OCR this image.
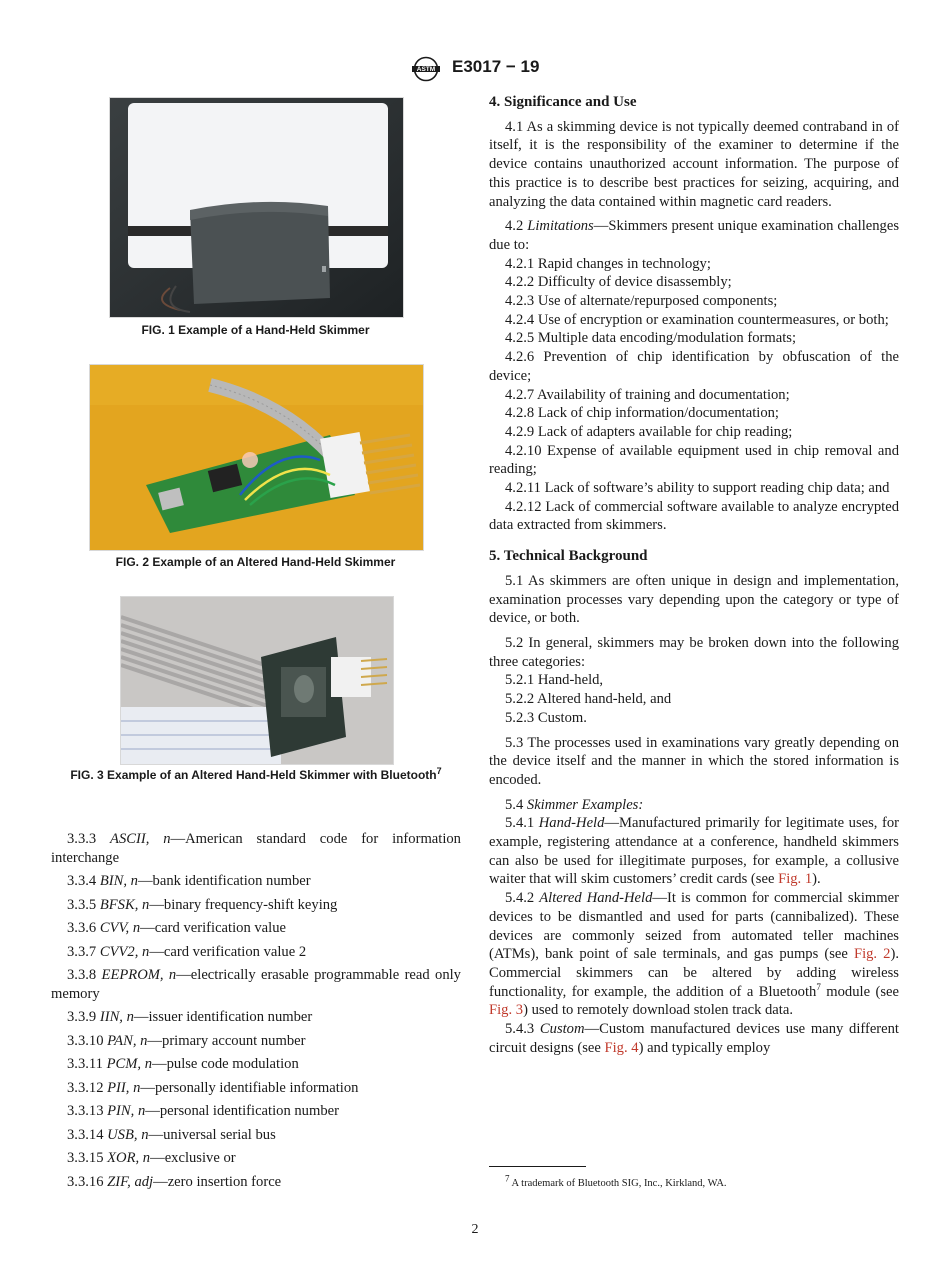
ASTM E3017 − 19
FIG. 1 Example of a Hand-Held Skimmer
FIG. 2 Example of an Altered Hand-Held Skimmer
FIG. 3 Example of an Altered Hand-Held Skimmer with Bluetooth$^7$

3.3.3 ASCII, n—American standard code for information interchange

3.3.4 BIN, n—bank identification number

3.3.5 BFSK, n—binary frequency-shift keying

3.3.6 CVV, n—card verification value

3.3.7 CVV2, n—card verification value 2

3.3.8 EEPROM, n—electrically erasable programmable read only memory

3.3.9 IIN, n—issuer identification number

3.3.10 PAN, n—primary account number

3.3.11 PCM, n—pulse code modulation

3.3.12 PII, n—personally identifiable information

3.3.13 PIN, n—personal identification number

3.3.14 USB, n—universal serial bus

3.3.15 XOR, n—exclusive or

3.3.16 ZIF, adj—zero insertion force

4. Significance and Use

4.1 As a skimming device is not typically deemed contraband in of itself, it is the responsibility of the examiner to determine if the device contains unauthorized account information. The purpose of this practice is to describe best practices for seizing, acquiring, and analyzing the data contained within magnetic card readers.

4.2 Limitations—Skimmers present unique examination challenges due to:

4.2.1 Rapid changes in technology;

4.2.2 Difficulty of device disassembly;

4.2.3 Use of alternate/repurposed components;

4.2.4 Use of encryption or examination countermeasures, or both;

4.2.5 Multiple data encoding/modulation formats;

4.2.6 Prevention of chip identification by obfuscation of the device;

4.2.7 Availability of training and documentation;

4.2.8 Lack of chip information/documentation;

4.2.9 Lack of adapters available for chip reading;

4.2.10 Expense of available equipment used in chip removal and reading;

4.2.11 Lack of software’s ability to support reading chip data; and

4.2.12 Lack of commercial software available to analyze encrypted data extracted from skimmers.

5. Technical Background

5.1 As skimmers are often unique in design and implementation, examination processes vary depending upon the category or type of device, or both.

5.2 In general, skimmers may be broken down into the following three categories:

5.2.1 Hand-held,

5.2.2 Altered hand-held, and

5.2.3 Custom.

5.3 The processes used in examinations vary greatly depending on the device itself and the manner in which the stored information is encoded.

5.4 Skimmer Examples:

5.4.1 Hand-Held—Manufactured primarily for legitimate uses, for example, registering attendance at a conference, handheld skimmers can also be used for illegitimate purposes, for example, a collusive waiter that will skim customers’ credit cards (see Fig. 1).

5.4.2 Altered Hand-Held—It is common for commercial skimmer devices to be dismantled and used for parts (cannibalized). These devices are commonly seized from automated teller machines (ATMs), bank point of sale terminals, and gas pumps (see Fig. 2). Commercial skimmers can be altered by adding wireless functionality, for example, the addition of a Bluetooth$^7$ module (see Fig. 3) used to remotely download stolen track data.

5.4.3 Custom—Custom manufactured devices use many different circuit designs (see Fig. 4) and typically employ

$^7$ A trademark of Bluetooth SIG, Inc., Kirkland, WA.
2
